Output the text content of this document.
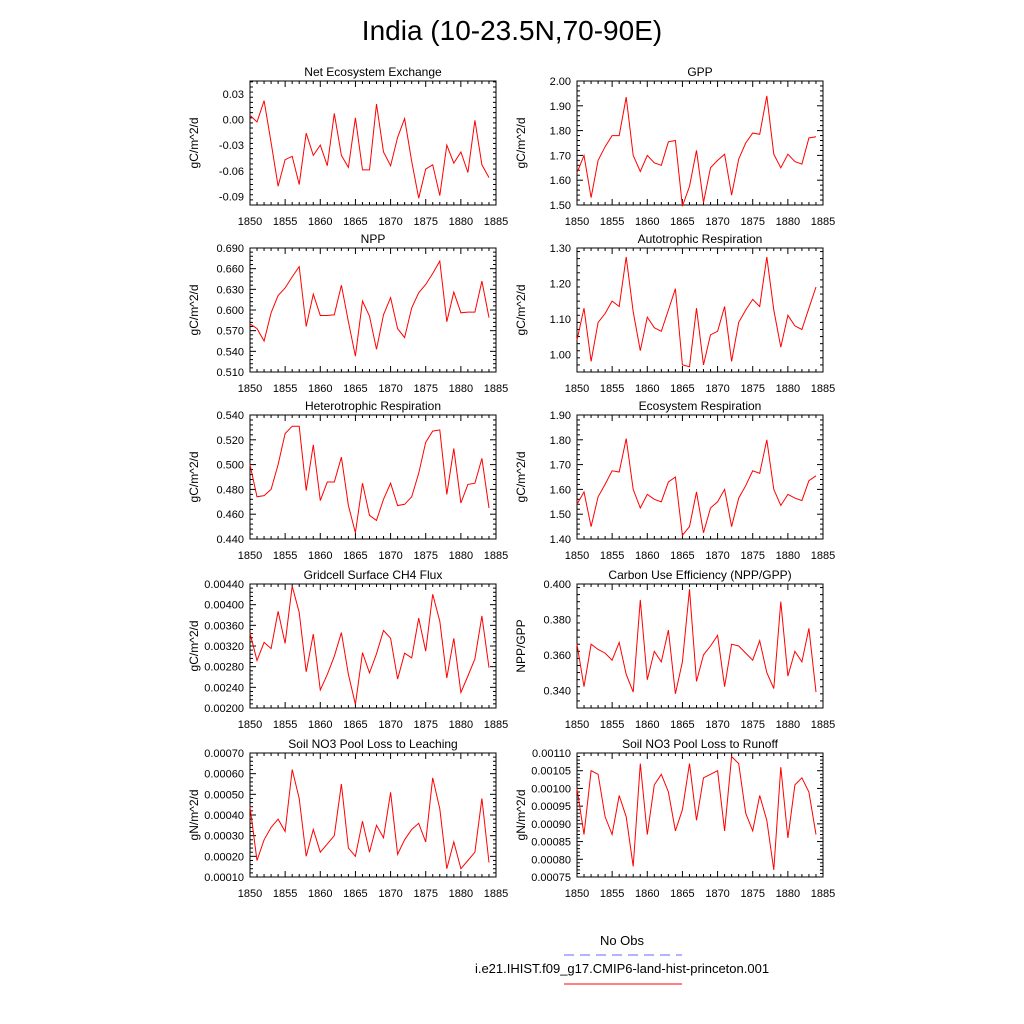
India (10-23.5N,70-90E)
Net Ecosystem Exchange
1850 1855 1860 1865 1870 1875 1880 1885
0.03
0.00
-0.03
-0.06
-0.09
gC/m^2/d
GPP
1850 1855 1860 1865 1870 1875 1880 1885
2.00
1.90
1.80
1.70
1.60
1.50
gC/m^2/d
NPP
1850 1855 1860 1865 1870 1875 1880 1885
0.690
0.660
0.630
0.600
0.570
0.540
0.510
gC/m^2/d
Autotrophic Respiration
1850 1855 1860 1865 1870 1875 1880 1885
1.30
1.20
1.10
1.00
gC/m^2/d
Heterotrophic Respiration
1850 1855 1860 1865 1870 1875 1880 1885
0.540
0.520
0.500
0.480
0.460
0.440
gC/m^2/d
Ecosystem Respiration
1850 1855 1860 1865 1870 1875 1880 1885
1.90
1.80
1.70
1.60
1.50
1.40
gC/m^2/d
Gridcell Surface CH4 Flux
1850 1855 1860 1865 1870 1875 1880 1885
0.00440
0.00400
0.00360
0.00320
0.00280
0.00240
0.00200
gC/m^2/d
Carbon Use Efficiency (NPP/GPP)
1850 1855 1860 1865 1870 1875 1880 1885
0.400
0.380
0.360
0.340
NPP/GPP
Soil NO3 Pool Loss to Leaching
1850 1855 1860 1865 1870 1875 1880 1885
0.00070
0.00060
0.00050
0.00040
0.00030
0.00020
0.00010
gN/m^2/d
Soil NO3 Pool Loss to Runoff
1850 1855 1860 1865 1870 1875 1880 1885
0.00110
0.00105
0.00100
0.00095
0.00090
0.00085
0.00080
0.00075
gN/m^2/d
No Obs
i.e21.IHIST.f09_g17.CMIP6-land-hist-princeton.001
